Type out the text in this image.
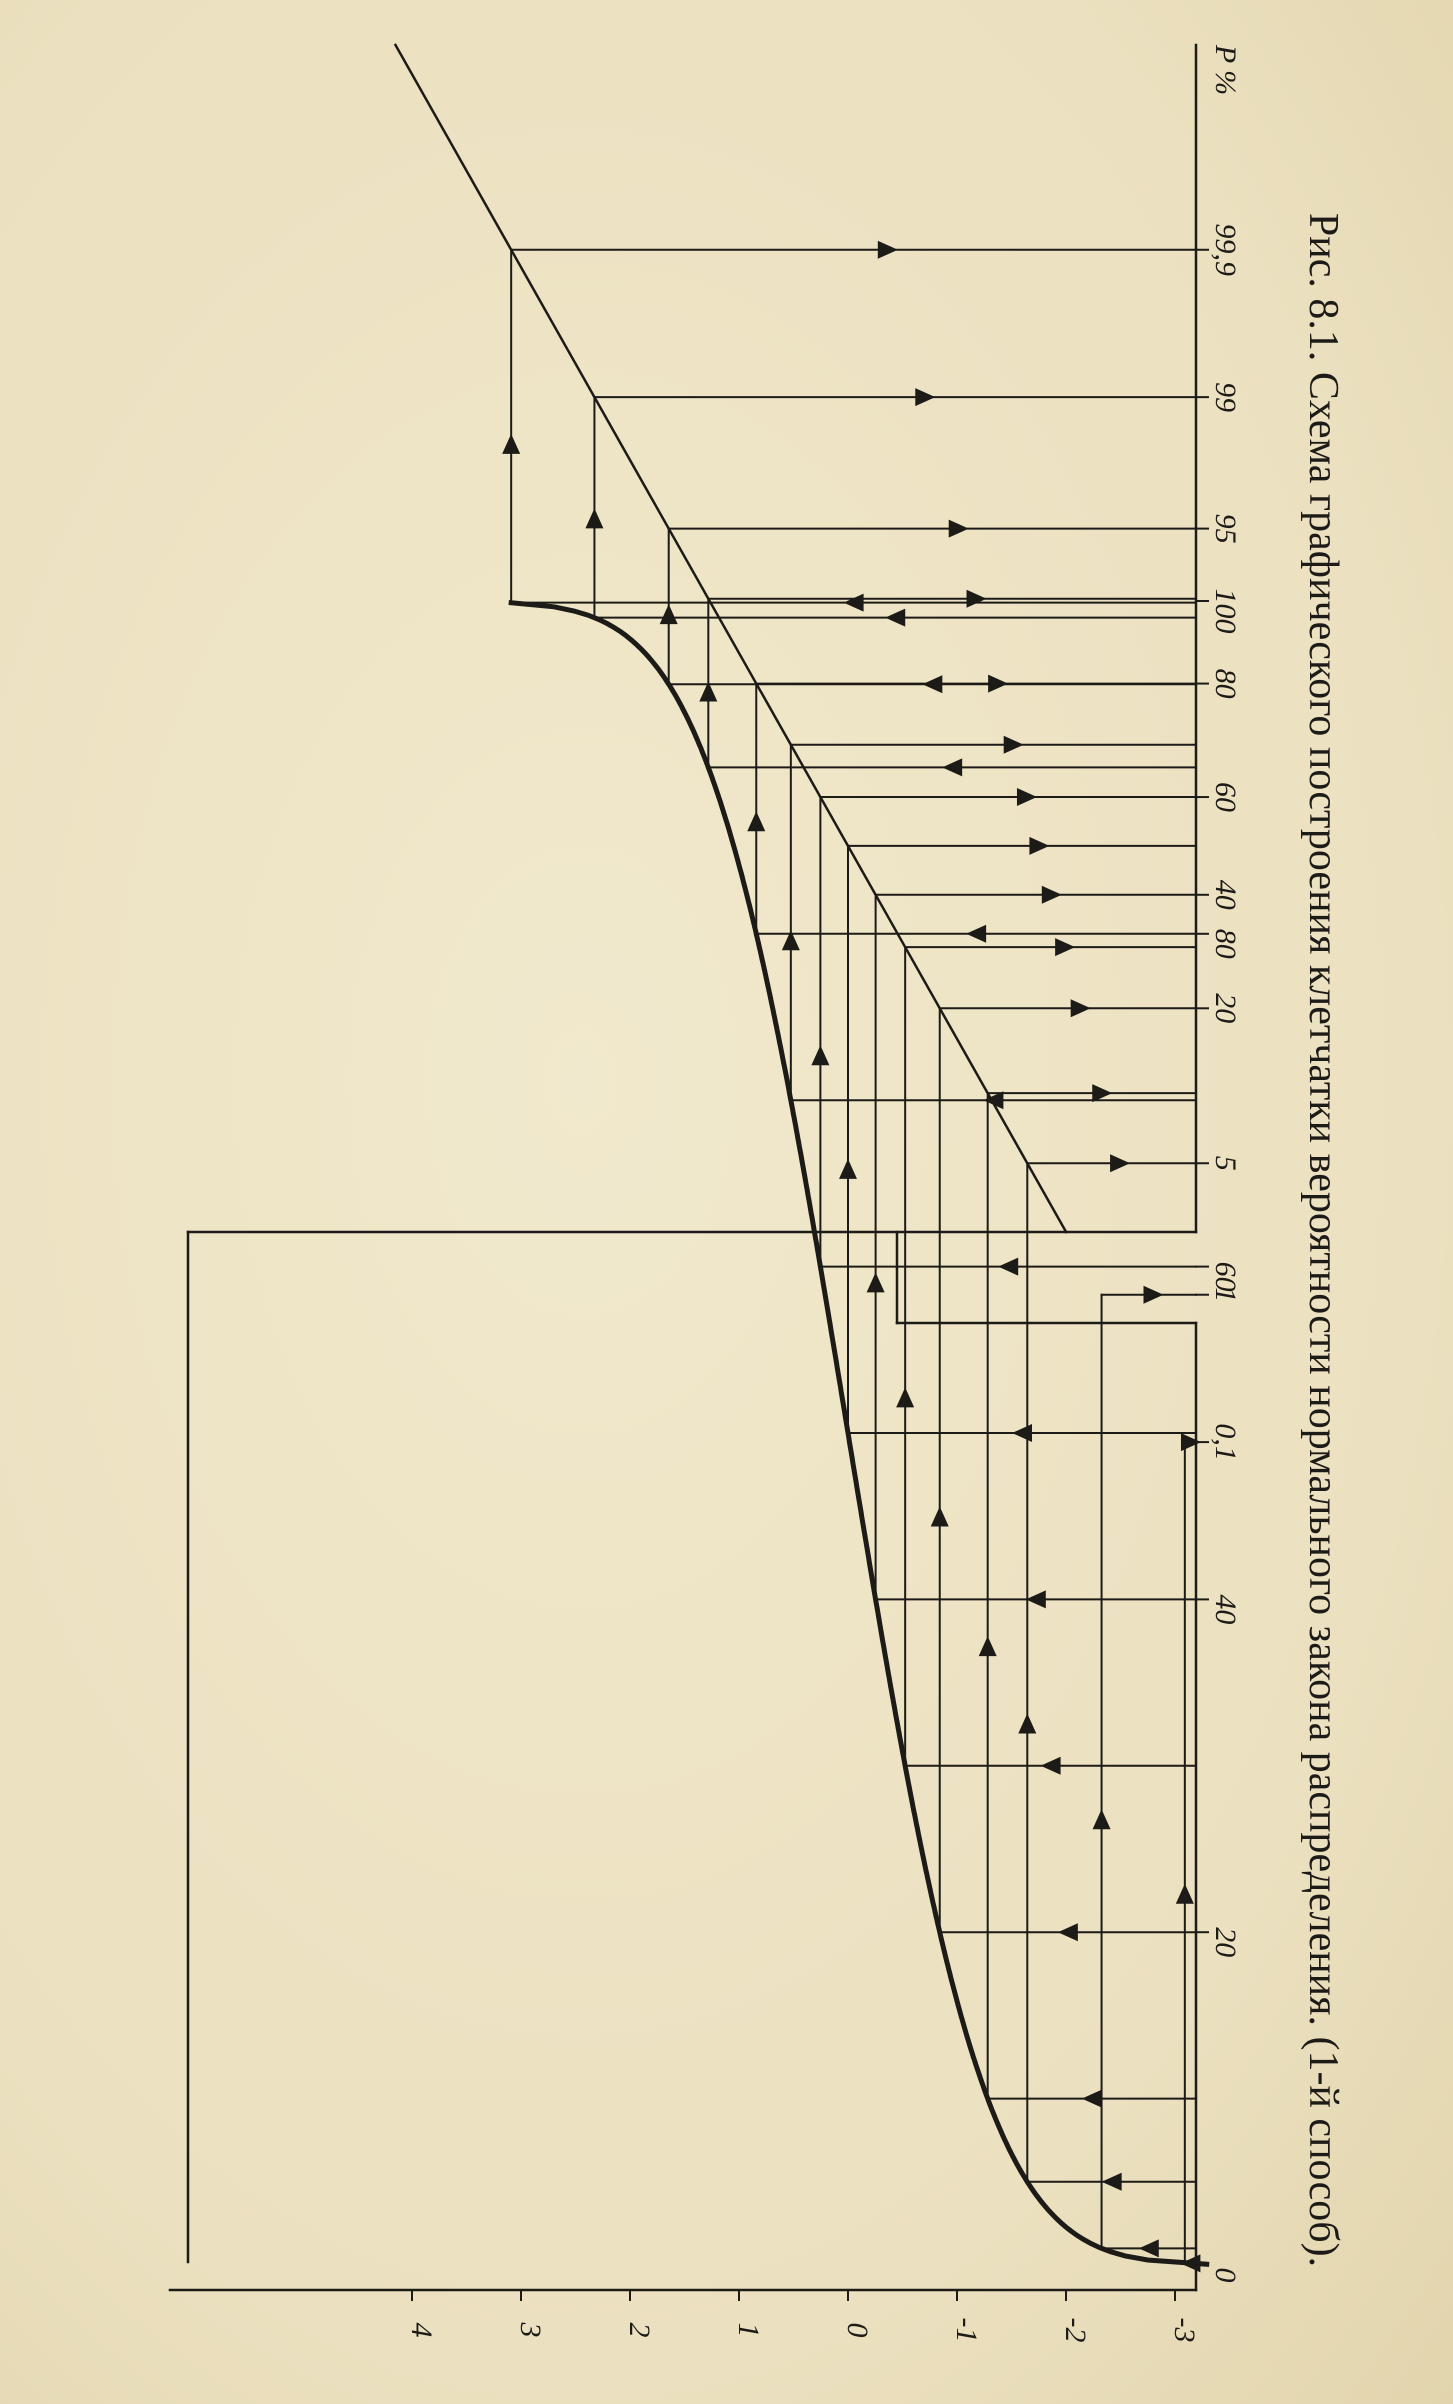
0
20
40
60
80
100
-3
-2
-1
0
1
2
3
4
0,1
1
5
20
40
60
80
95
99
99,9
P %
Рис. 8.1. Схема графического построения клетчатки вероятности нормального закона распределения. (1-й способ).
